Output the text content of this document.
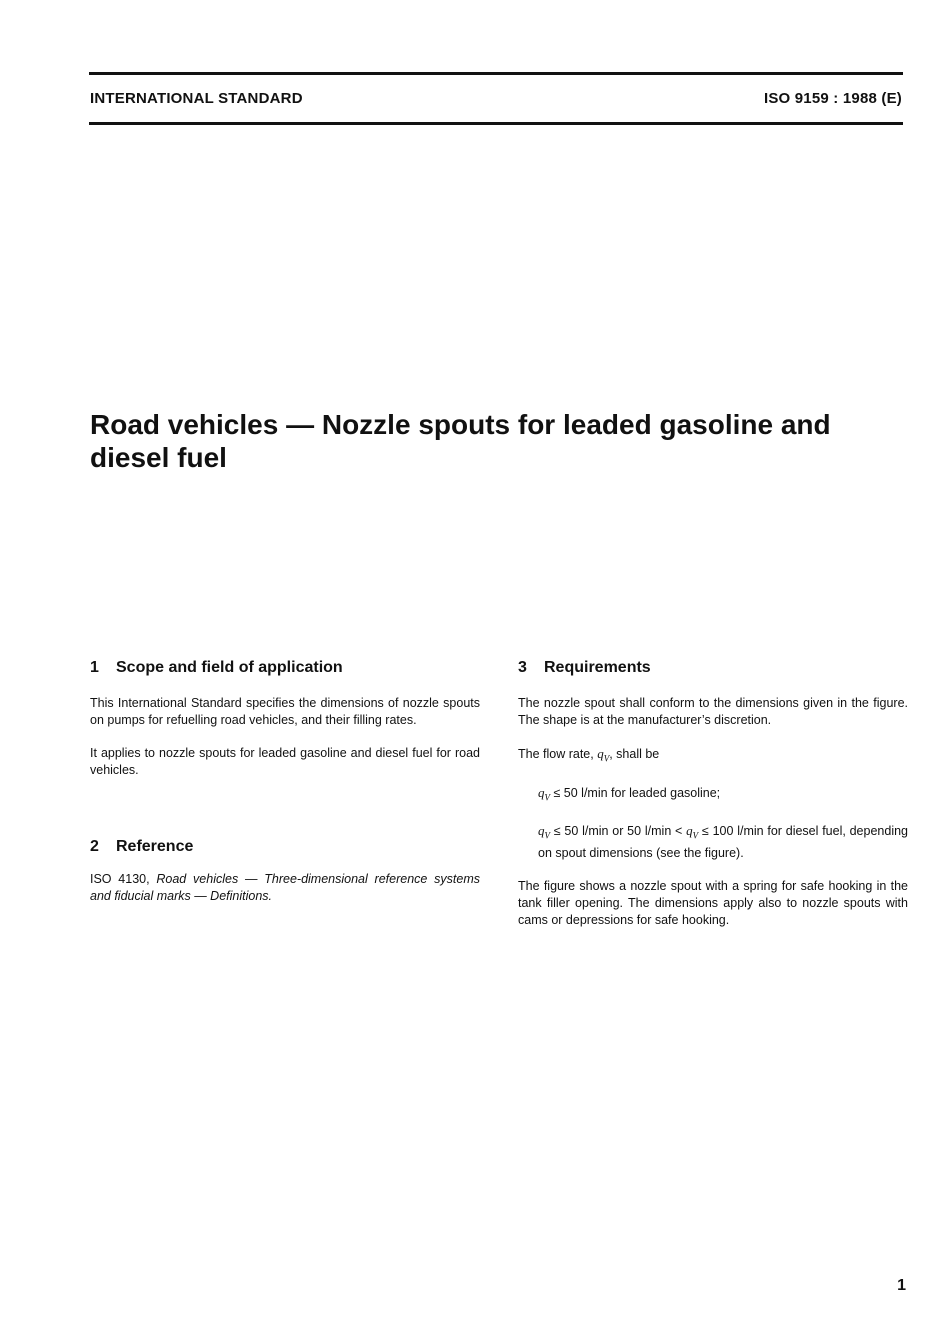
INTERNATIONAL STANDARD	ISO 9159 : 1988 (E)
Road vehicles — Nozzle spouts for leaded gasoline and diesel fuel
1 Scope and field of application

This International Standard specifies the dimensions of nozzle spouts on pumps for refuelling road vehicles, and their filling rates.

It applies to nozzle spouts for leaded gasoline and diesel fuel for road vehicles.

2 Reference

ISO 4130, Road vehicles — Three-dimensional reference systems and fiducial marks — Definitions.

3 Requirements

The nozzle spout shall conform to the dimensions given in the figure. The shape is at the manufacturer’s discretion.

The flow rate, $q_V$, shall be

$q_V \le 50$ l/min for leaded gasoline;

$q_V \le 50$ l/min or 50 $l/\min < q_V \le 100$ l/min for diesel fuel, depending on spout dimensions (see the figure).

The figure shows a nozzle spout with a spring for safe hooking in the tank filler opening. The dimensions apply also to nozzle spouts with cams or depressions for safe hooking.

1
